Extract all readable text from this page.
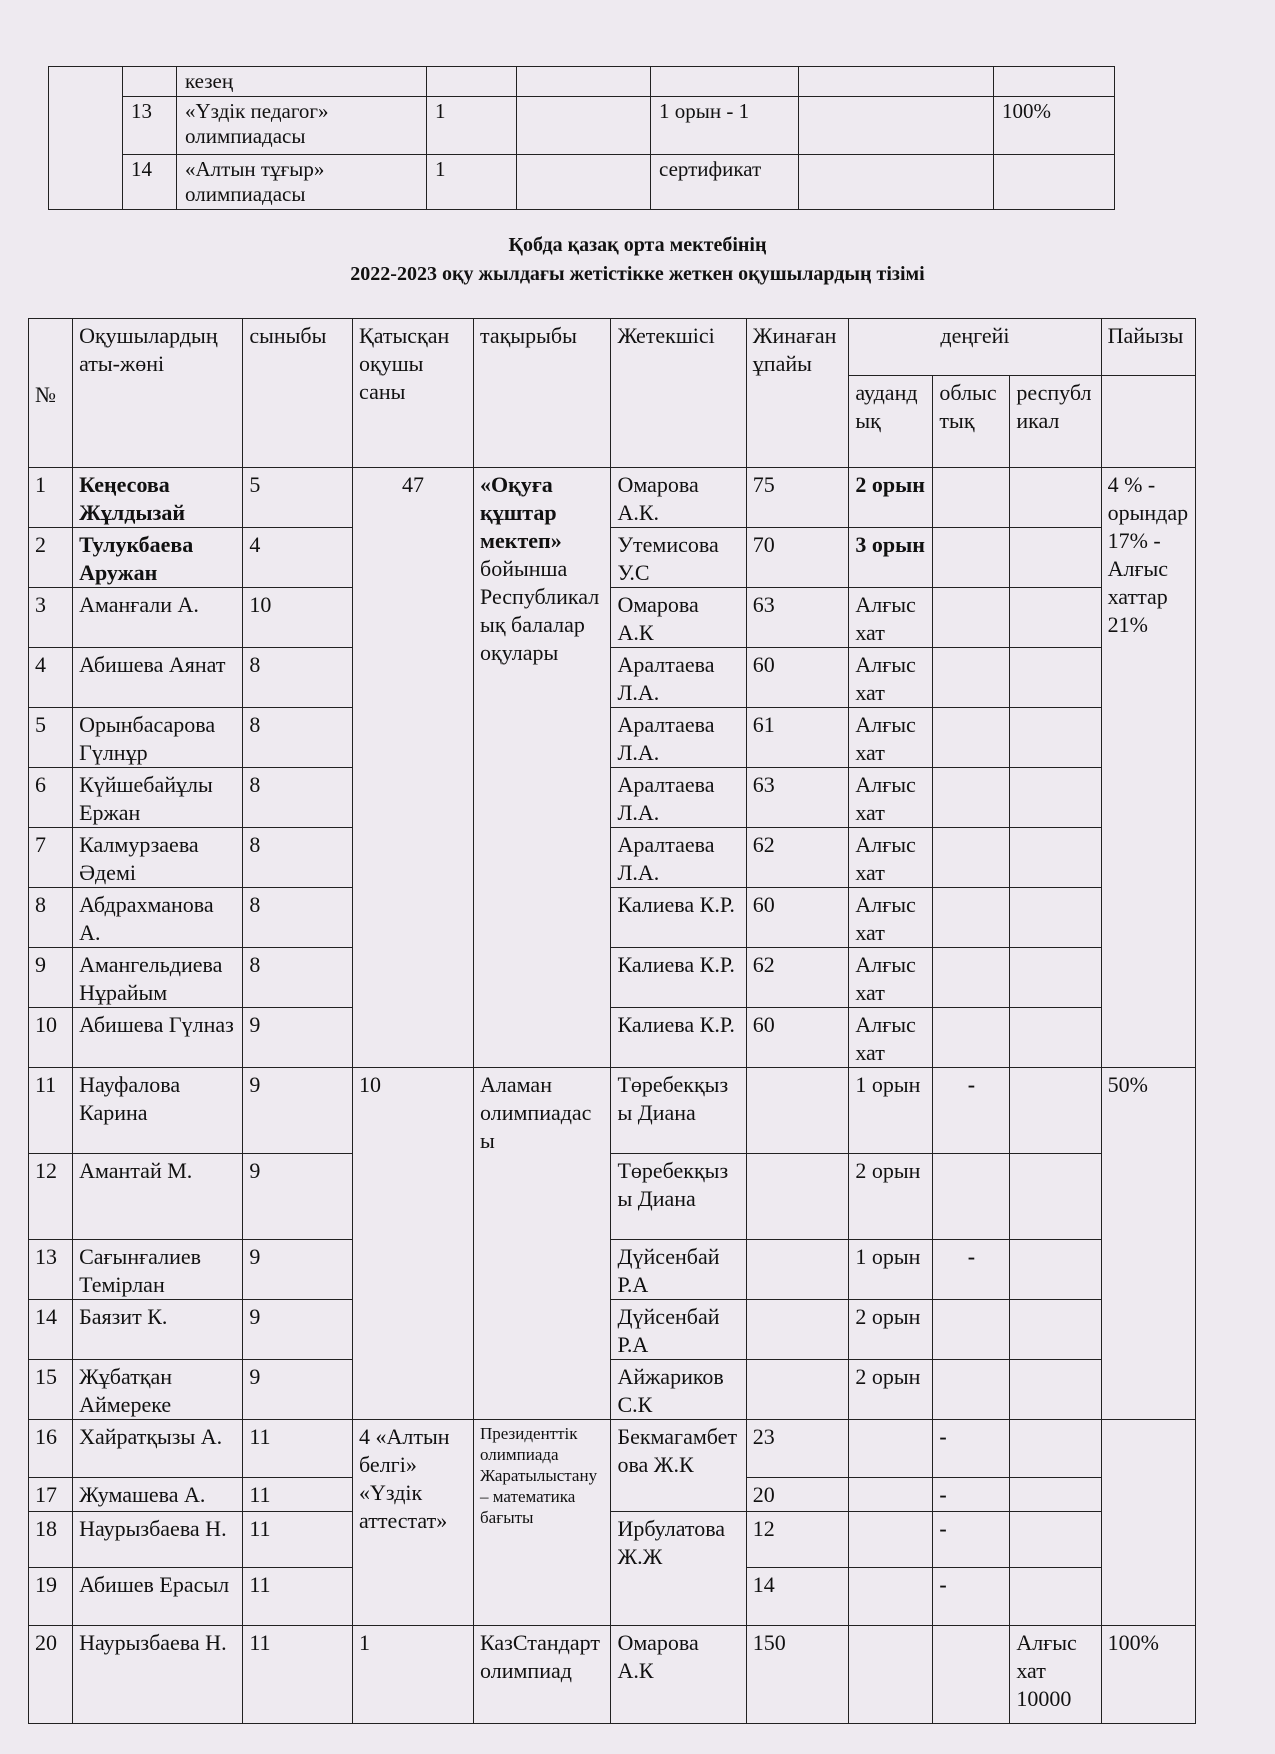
		кезең					
	13	«Үздік педагог» олимпиадасы	1		1 орын - 1		100%
	14	«Алтын тұғыр» олимпиадасы	1		сертификат		
Қобда қазақ орта мектебінің
2022-2023 оқу жылдағы жетістікке жеткен оқушылардың тізімі
№	Оқушылардың аты-жөні	сыныбы	Қатысқан оқушы саны	тақырыбы	Жетекшісі	Жинаған ұпайы	деңгейі			Пайызы
							аудандық	облыстық	республикал	
1	Кеңесова Жұлдызай	5	47	«Оқуға құштар мектеп» бойынша Республикалық балалар оқулары	Омарова А.К.	75	2 орын			4 % - орындар 17% - Алғыс хаттар 21%
2	Тулукбаева Аружан	4			Утемисова У.С	70	3 орын			
3	Аманғали А.	10			Омарова А.К	63	Алғыс хат			
4	Абишева Аянат	8			Аралтаева Л.А.	60	Алғыс хат			
5	Орынбасарова Гүлнұр	8			Аралтаева Л.А.	61	Алғыс хат			
6	Күйшебайұлы Ержан	8			Аралтаева Л.А.	63	Алғыс хат			
7	Калмурзаева Әдемі	8			Аралтаева Л.А.	62	Алғыс хат			
8	Абдрахманова А.	8			Калиева К.Р.	60	Алғыс хат			
9	Амангельдиева Нұрайым	8			Калиева К.Р.	62	Алғыс хат			
10	Абишева Гүлназ	9			Калиева К.Р.	60	Алғыс хат			
11	Науфалова Карина	9	10	Аламан олимпиадасы	Төребекқызы Диана		1 орын	-		50%
12	Амантай М.	9			Төребекқызы Диана		2 орын			
13	Сағынғалиев Темірлан	9			Дүйсенбай Р.А		1 орын	-		
14	Баязит К.	9			Дүйсенбай Р.А		2 орын			
15	Жұбатқан Аймереке	9			Айжариков С.К		2 орын			
16	Хайратқызы А.	11	4 «Алтын белгі» «Үздік аттестат»	Президенттік олимпиада Жаратылыстану – математика бағыты	Бекмагамбетова Ж.К	23		-		
17	Жумашева А.	11				20		-		
18	Наурызбаева Н.	11			Ирбулатова Ж.Ж	12		-		
19	Абишев Ерасыл	11				14		-		
20	Наурызбаева Н.	11	1	КазСтандарт олимпиад	Омарова А.К	150			Алғыс хат 10000	100%
